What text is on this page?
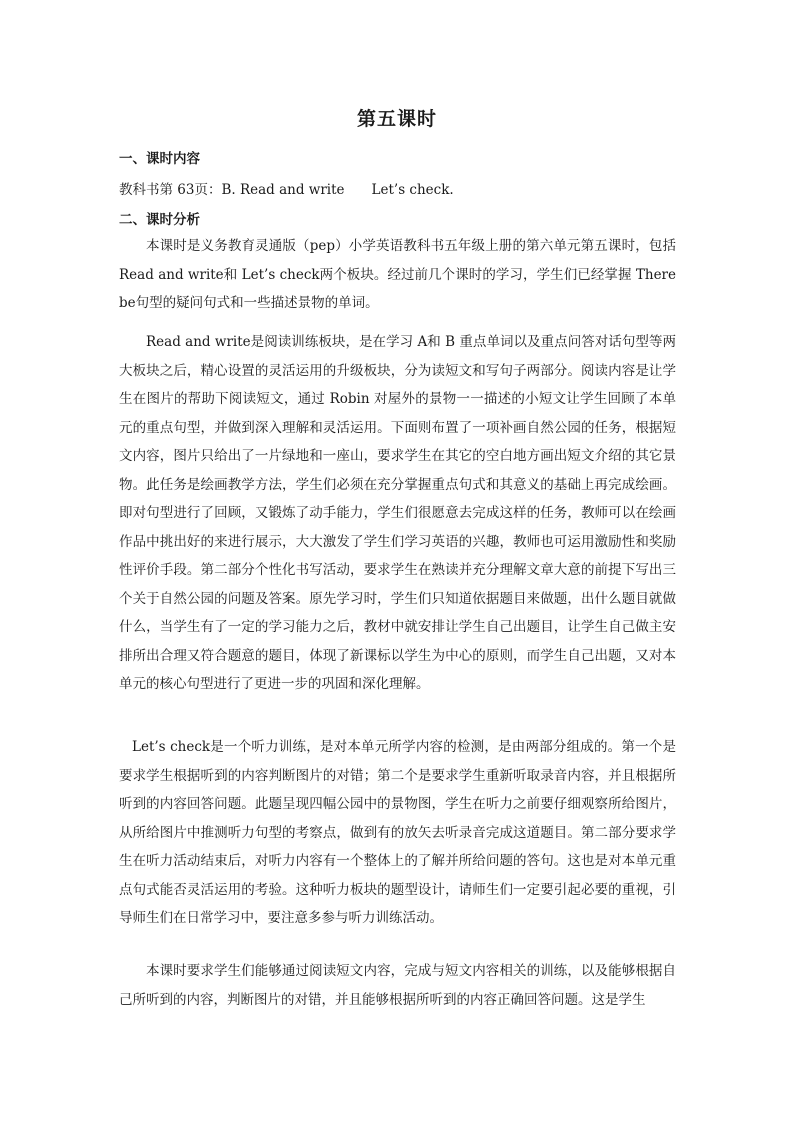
第五课时
一、课时内容
教科书第 63页：B. Read and write　　Let’s check.
二、课时分析
本课时是义务教育灵通版（pep）小学英语教科书五年级上册的第六单元第五课时，包括 Read and write和 Let’s check两个板块。经过前几个课时的学习，学生们已经掌握 There be句型的疑问句式和一些描述景物的单词。
Read and write是阅读训练板块，是在学习 A和 B 重点单词以及重点问答对话句型等两大板块之后，精心设置的灵活运用的升级板块，分为读短文和写句子两部分。阅读内容是让学生在图片的帮助下阅读短文，通过 Robin 对屋外的景物一一描述的小短文让学生回顾了本单元的重点句型，并做到深入理解和灵活运用。下面则布置了一项补画自然公园的任务，根据短文内容，图片只给出了一片绿地和一座山，要求学生在其它的空白地方画出短文介绍的其它景物。此任务是绘画教学方法，学生们必须在充分掌握重点句式和其意义的基础上再完成绘画。即对句型进行了回顾，又锻炼了动手能力，学生们很愿意去完成这样的任务，教师可以在绘画作品中挑出好的来进行展示，大大激发了学生们学习英语的兴趣，教师也可运用激励性和奖励性评价手段。第二部分个性化书写活动，要求学生在熟读并充分理解文章大意的前提下写出三个关于自然公园的问题及答案。原先学习时，学生们只知道依据题目来做题，出什么题目就做什么，当学生有了一定的学习能力之后，教材中就安排让学生自己出题目，让学生自己做主安排所出合理又符合题意的题目，体现了新课标以学生为中心的原则，而学生自己出题，又对本单元的核心句型进行了更进一步的巩固和深化理解。
Let’s check是一个听力训练，是对本单元所学内容的检测，是由两部分组成的。第一个是要求学生根据听到的内容判断图片的对错；第二个是要求学生重新听取录音内容，并且根据所听到的内容回答问题。此题呈现四幅公园中的景物图，学生在听力之前要仔细观察所给图片，从所给图片中推测听力句型的考察点，做到有的放矢去听录音完成这道题目。第二部分要求学生在听力活动结束后，对听力内容有一个整体上的了解并所给问题的答句。这也是对本单元重点句式能否灵活运用的考验。这种听力板块的题型设计，请师生们一定要引起必要的重视，引导师生们在日常学习中，要注意多参与听力训练活动。
本课时要求学生们能够通过阅读短文内容，完成与短文内容相关的训练，以及能够根据自己所听到的内容，判断图片的对错，并且能够根据所听到的内容正确回答问题。这是学生
